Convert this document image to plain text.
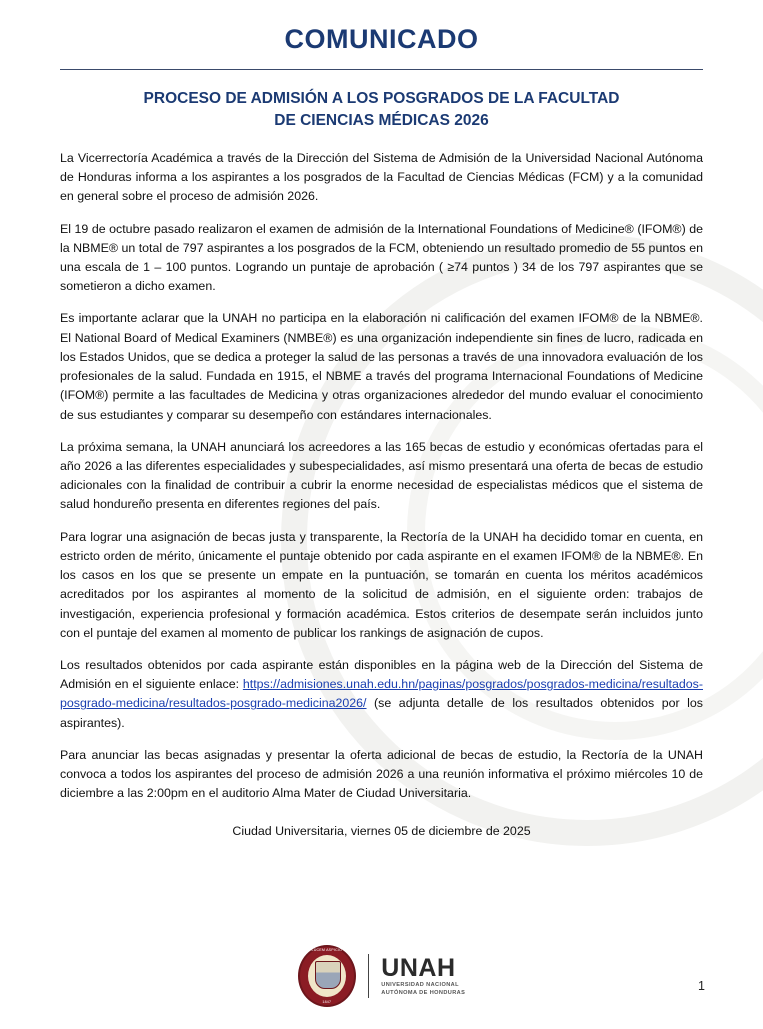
COMUNICADO
PROCESO DE ADMISIÓN A LOS POSGRADOS DE LA FACULTAD
DE CIENCIAS MÉDICAS 2026

La Vicerrectoría Académica a través de la Dirección del Sistema de Admisión de la Universidad Nacional Autónoma de Honduras informa a los aspirantes a los posgrados de la Facultad de Ciencias Médicas (FCM) y a la comunidad en general sobre el proceso de admisión 2026.

El 19 de octubre pasado realizaron el examen de admisión de la International Foundations of Medicine® (IFOM®) de la NBME® un total de 797 aspirantes a los posgrados de la FCM, obteniendo un resultado promedio de 55 puntos en una escala de 1 – 100 puntos. Logrando un puntaje de aprobación ( ≥74 puntos ) 34 de los 797 aspirantes que se sometieron a dicho examen.

Es importante aclarar que la UNAH no participa en la elaboración ni calificación del examen IFOM® de la NBME®. El National Board of Medical Examiners (NMBE®) es una organización independiente sin fines de lucro, radicada en los Estados Unidos, que se dedica a proteger la salud de las personas a través de una innovadora evaluación de los profesionales de la salud. Fundada en 1915, el NBME a través del programa Internacional Foundations of Medicine (IFOM®) permite a las facultades de Medicina y otras organizaciones alrededor del mundo evaluar el conocimiento de sus estudiantes y comparar su desempeño con estándares internacionales.

La próxima semana, la UNAH anunciará los acreedores a las 165 becas de estudio y económicas ofertadas para el año 2026 a las diferentes especialidades y subespecialidades, así mismo presentará una oferta de becas de estudio adicionales con la finalidad de contribuir a cubrir la enorme necesidad de especialistas médicos que el sistema de salud hondureño presenta en diferentes regiones del país.

Para lograr una asignación de becas justa y transparente, la Rectoría de la UNAH ha decidido tomar en cuenta, en estricto orden de mérito, únicamente el puntaje obtenido por cada aspirante en el examen IFOM® de la NBME®. En los casos en los que se presente un empate en la puntuación, se tomarán en cuenta los méritos académicos acreditados por los aspirantes al momento de la solicitud de admisión, en el siguiente orden: trabajos de investigación, experiencia profesional y formación académica. Estos criterios de desempate serán incluidos junto con el puntaje del examen al momento de publicar los rankings de asignación de cupos.

Los resultados obtenidos por cada aspirante están disponibles en la página web de la Dirección del Sistema de Admisión en el siguiente enlace: https://admisiones.unah.edu.hn/paginas/posgrados/posgrados-medicina/resultados-posgrado-medicina/resultados-posgrado-medicina2026/ (se adjunta detalle de los resultados obtenidos por los aspirantes).

Para anunciar las becas asignadas y presentar la oferta adicional de becas de estudio, la Rectoría de la UNAH convoca a todos los aspirantes del proceso de admisión 2026 a una reunión informativa el próximo miércoles 10 de diciembre a las 2:00pm en el auditorio Alma Mater de Ciudad Universitaria.

Ciudad Universitaria, viernes 05 de diciembre de 2025
LUCEM ASPICIO
1847
UNAH
UNIVERSIDAD NACIONAL
AUTÓNOMA DE HONDURAS
1
